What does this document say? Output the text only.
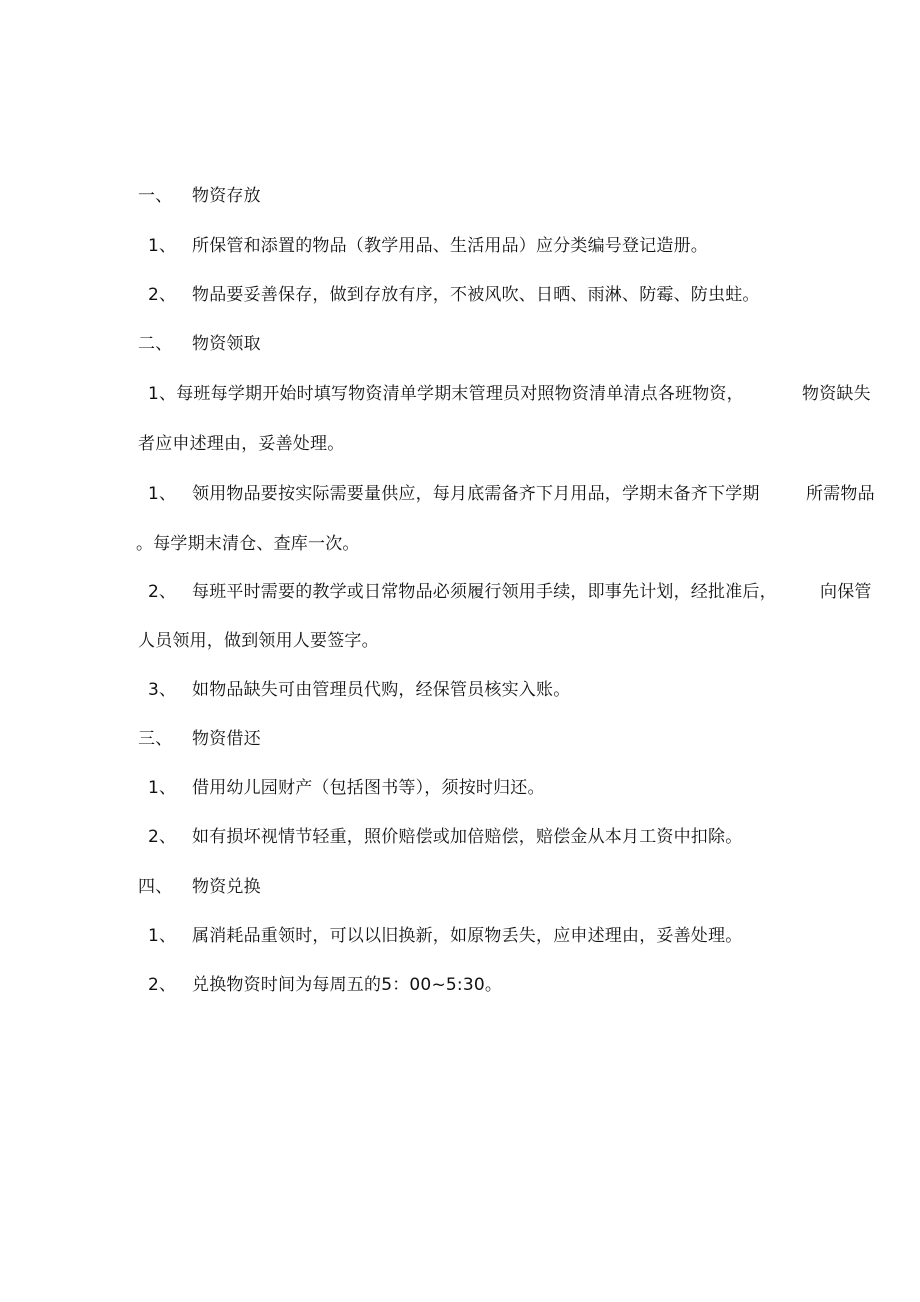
一、 物资存放
1、 所保管和添置的物品（教学用品、生活用品）应分类编号登记造册。
2、 物品要妥善保存，做到存放有序，不被风吹、日晒、雨淋、防霉、防虫蛀。
二、 物资领取
1、每班每学期开始时填写物资清单学期末管理员对照物资清单清点各班物资，	物资缺失
者应申述理由，妥善处理。
1、 领用物品要按实际需要量供应，每月底需备齐下月用品，学期末备齐下学期	所需物品
。每学期末清仓、查库一次。
2、 每班平时需要的教学或日常物品必须履行领用手续，即事先计划，经批准后，	向保管
人员领用，做到领用人要签字。
3、 如物品缺失可由管理员代购，经保管员核实入账。
三、 物资借还
1、 借用幼儿园财产（包括图书等），须按时归还。
2、 如有损坏视情节轻重，照价赔偿或加倍赔偿，赔偿金从本月工资中扣除。
四、 物资兑换
1、 属消耗品重领时，可以以旧换新，如原物丢失，应申述理由，妥善处理。
2、 兑换物资时间为每周五的5：00~5:30。
